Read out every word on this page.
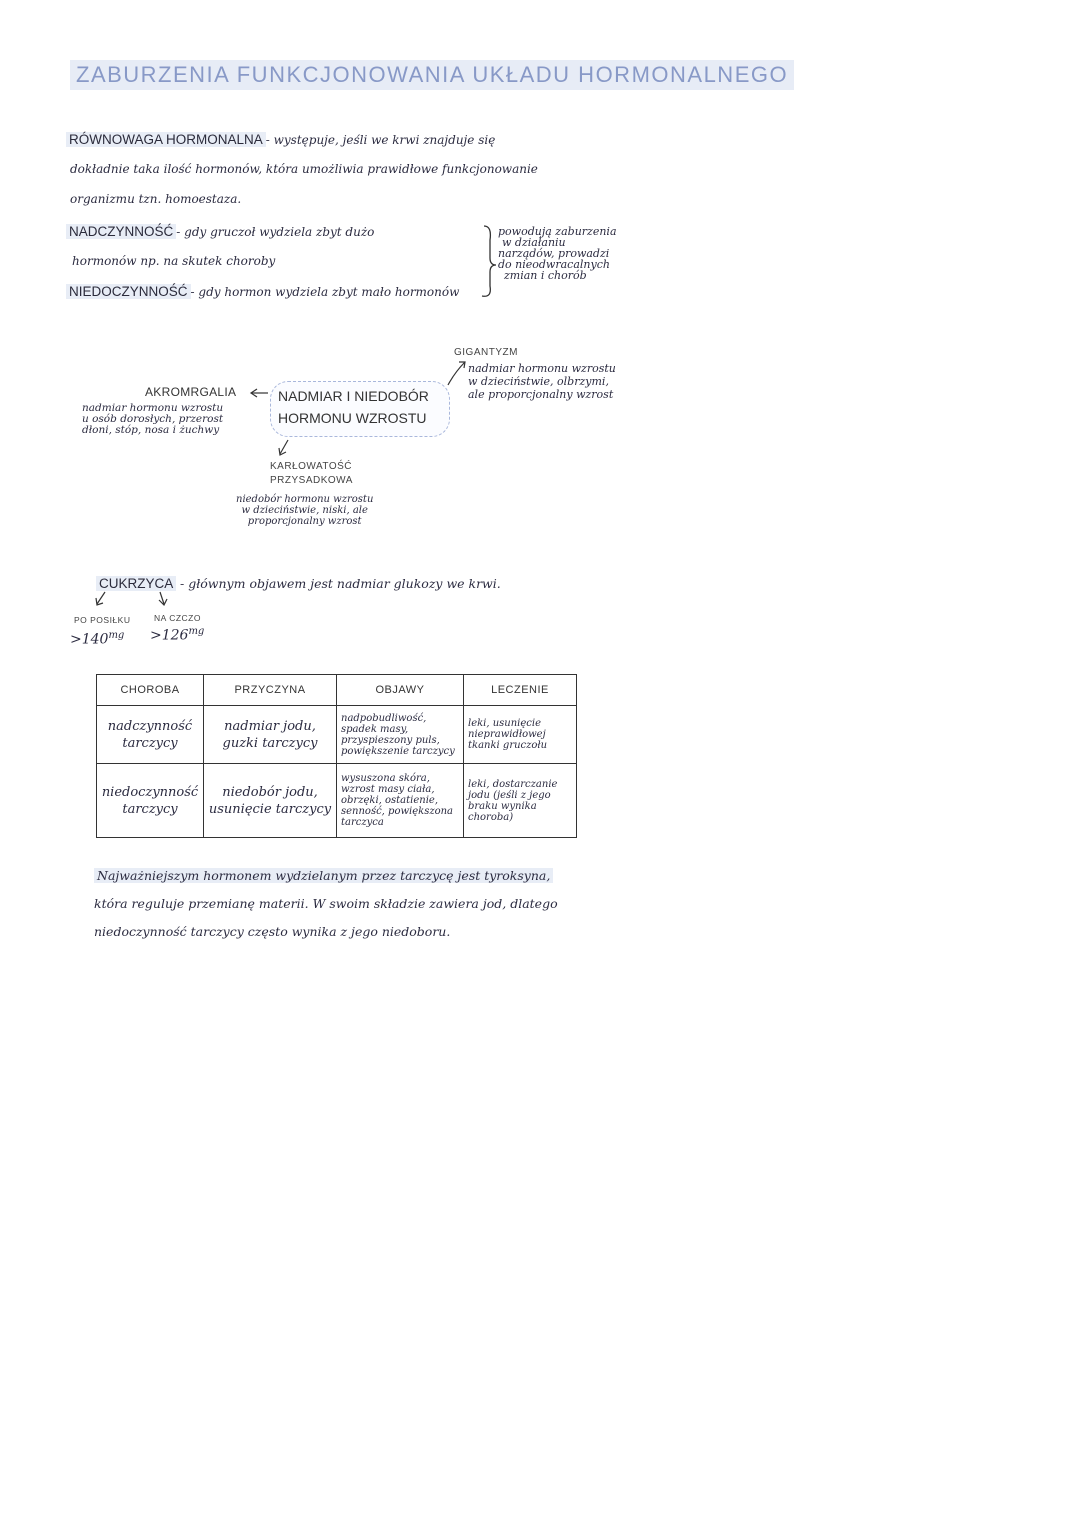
ZABURZENIA FUNKCJONOWANIA UKŁADU HORMONALNEGO
RÓWNOWAGA HORMONALNA - występuje, jeśli we krwi znajduje się
dokładnie taka ilość hormonów, która umożliwia prawidłowe funkcjonowanie
organizmu tzn. homoestaza.
NADCZYNNOŚĆ - gdy gruczoł wydziela zbyt dużo
hormonów np. na skutek choroby
NIEDOCZYNNOŚĆ - gdy hormon wydziela zbyt mało hormonów
powodują zaburzenia
w działaniu
narządów, prowadzi
do nieodwracalnych
zmian i chorób
NADMIAR I NIEDOBÓR HORMONU WZROSTU
GIGANTYZM
nadmiar hormonu wzrostu
w dzieciństwie, olbrzymi,
ale proporcjonalny wzrost
AKROMRGALIA
nadmiar hormonu wzrostu
u osób dorosłych, przerost
dłoni, stóp, nosa i żuchwy
KARŁOWATOŚĆ
PRZYSADKOWA
niedobór hormonu wzrostu
w dzieciństwie, niski, ale
proporcjonalny wzrost
CUKRZYCA - głównym objawem jest nadmiar glukozy we krwi.
PO POSIŁKU	NA CZCZO
$>140^{mg} >126^{mg}$
CHOROBA	PRZYCZYNA	OBJAWY	LECZENIE
nadczynność tarczycy	nadmiar jodu, guzki tarczycy	nadpobudliwość, spadek masy, przyspieszony puls, powiększenie tarczycy	leki, usunięcie nieprawidłowej tkanki gruczołu
niedoczynność tarczycy	niedobór jodu, usunięcie tarczycy	wysuszona skóra, wzrost masy ciała, obrzęki, ostatienie, senność, powiększona tarczyca	leki, dostarczanie jodu (jeśli z jego braku wynika choroba)
Najważniejszym hormonem wydzielanym przez tarczycę jest tyroksyna,
która reguluje przemianę materii. W swoim składzie zawiera jod, dlatego
niedoczynność tarczycy często wynika z jego niedoboru.
